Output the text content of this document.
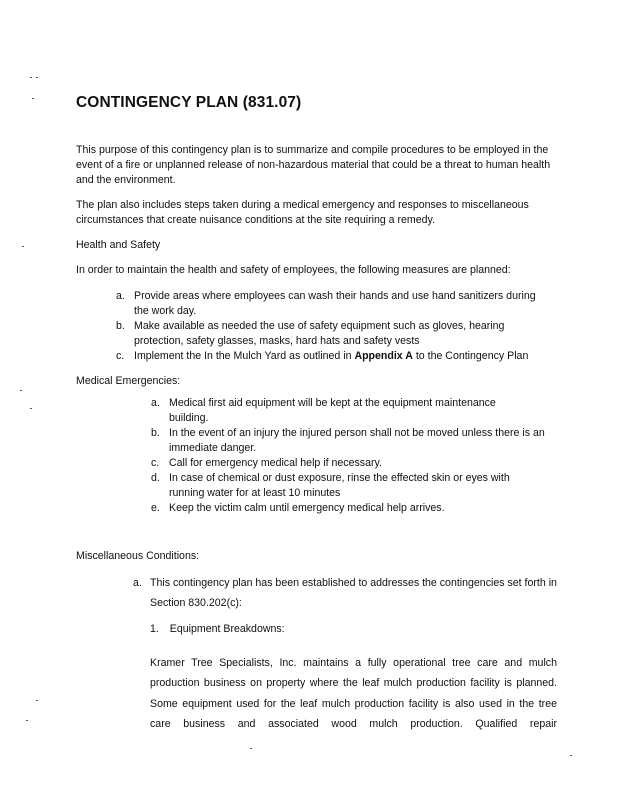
CONTINGENCY PLAN (831.07)
This purpose of this contingency plan is to summarize and compile procedures to be employed in the event of a fire or unplanned release of non-hazardous material that could be a threat to human health and the environment.
The plan also includes steps taken during a medical emergency and responses to miscellaneous circumstances that create nuisance conditions at the site requiring a remedy.
Health and Safety
In order to maintain the health and safety of employees, the following measures are planned:
a. Provide areas where employees can wash their hands and use hand sanitizers during the work day.
b. Make available as needed the use of safety equipment such as gloves, hearing protection, safety glasses, masks, hard hats and safety vests
c. Implement the In the Mulch Yard as outlined in Appendix A to the Contingency Plan
Medical Emergencies:
a. Medical first aid equipment will be kept at the equipment maintenance building.
b. In the event of an injury the injured person shall not be moved unless there is an immediate danger.
c. Call for emergency medical help if necessary.
d. In case of chemical or dust exposure, rinse the effected skin or eyes with running water for at least 10 minutes
e. Keep the victim calm until emergency medical help arrives.
Miscellaneous Conditions:
a. This contingency plan has been established to addresses the contingencies set forth in Section 830.202(c):
1. Equipment Breakdowns:
Kramer Tree Specialists, Inc. maintains a fully operational tree care and mulch production business on property where the leaf mulch production facility is planned. Some equipment used for the leaf mulch production facility is also used in the tree care business and associated wood mulch production. Qualified repair
